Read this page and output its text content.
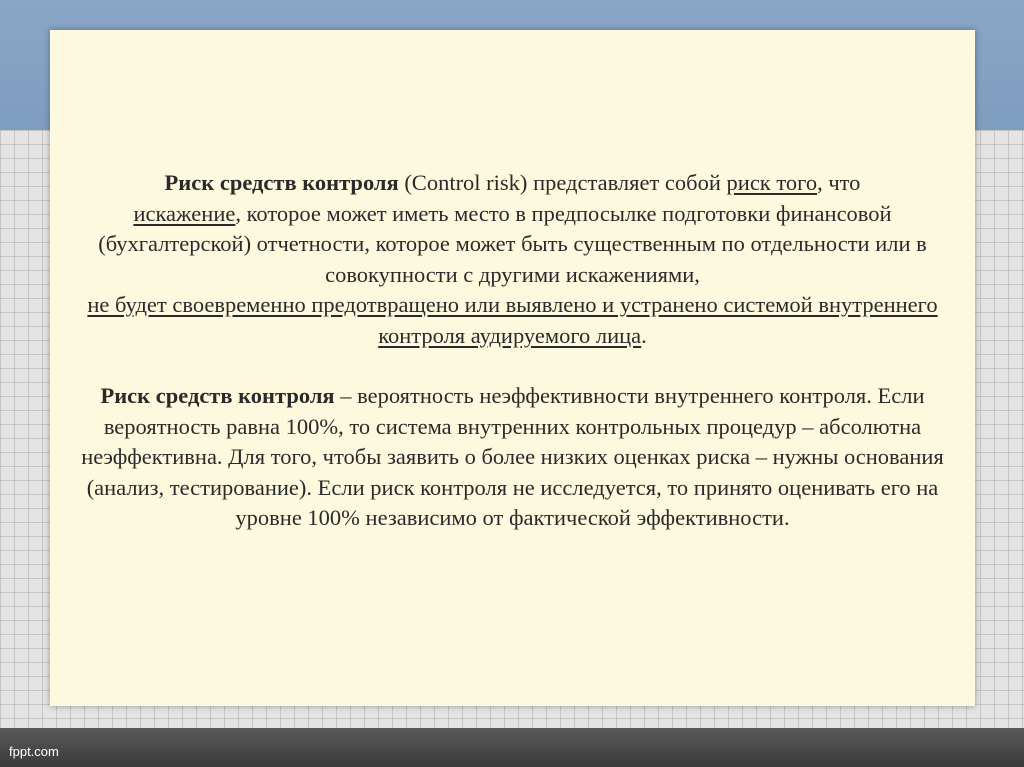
Риск средств контроля (Control risk) представляет собой риск того, что
искажение, которое может иметь место в предпосылке подготовки финансовой (бухгалтерской) отчетности, которое может быть существенным по отдельности или в совокупности с другими искажениями,
не будет своевременно предотвращено или выявлено и устранено системой внутреннего контроля аудируемого лица.

Риск средств контроля – вероятность неэффективности внутреннего контроля. Если вероятность равна 100%, то система внутренних контрольных процедур – абсолютна неэффективна. Для того, чтобы заявить о более низких оценках риска – нужны основания (анализ, тестирование). Если риск контроля не исследуется, то принято оценивать его на уровне 100% независимо от фактической эффективности.

fppt.com
